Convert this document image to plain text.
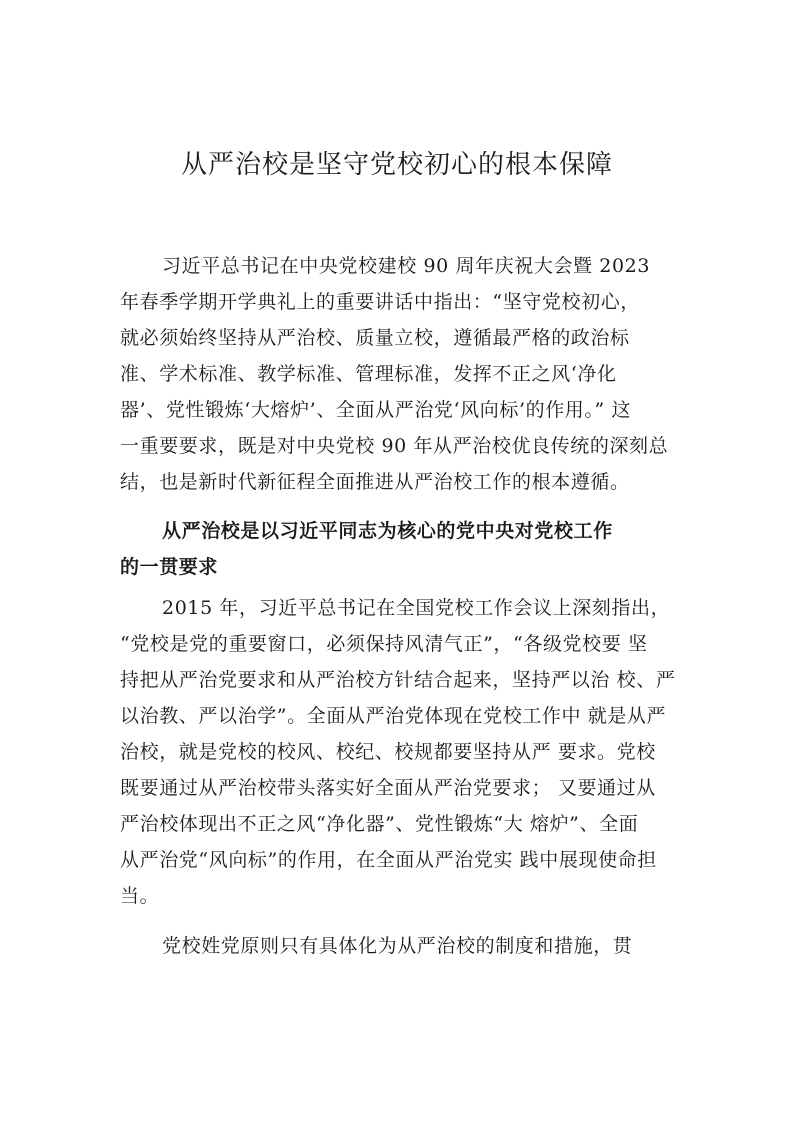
从严治校是坚守党校初心的根本保障
习近平总书记在中央党校建校 90 周年庆祝大会暨 2023
年春季学期开学典礼上的重要讲话中指出：“坚守党校初心，
就必须始终坚持从严治校、质量立校，遵循最严格的政治标
准、学术标准、教学标准、管理标准，发挥不正之风‘净化
器’、党性锻炼‘大熔炉’、全面从严治党‘风向标’的作用。” 这
一重要要求，既是对中央党校 90 年从严治校优良传统的深刻总
结，也是新时代新征程全面推进从严治校工作的根本遵循。
从严治校是以习近平同志为核心的党中央对党校工作
的一贯要求
2015 年，习近平总书记在全国党校工作会议上深刻指出，
“党校是党的重要窗口，必须保持风清气正”，“各级党校要 坚
持把从严治党要求和从严治校方针结合起来，坚持严以治 校、严
以治教、严以治学”。全面从严治党体现在党校工作中 就是从严
治校，就是党校的校风、校纪、校规都要坚持从严 要求。党校
既要通过从严治校带头落实好全面从严治党要求； 又要通过从
严治校体现出不正之风“净化器”、党性锻炼“大 熔炉”、全面
从严治党“风向标”的作用，在全面从严治党实 践中展现使命担
当。
党校姓党原则只有具体化为从严治校的制度和措施，贯
